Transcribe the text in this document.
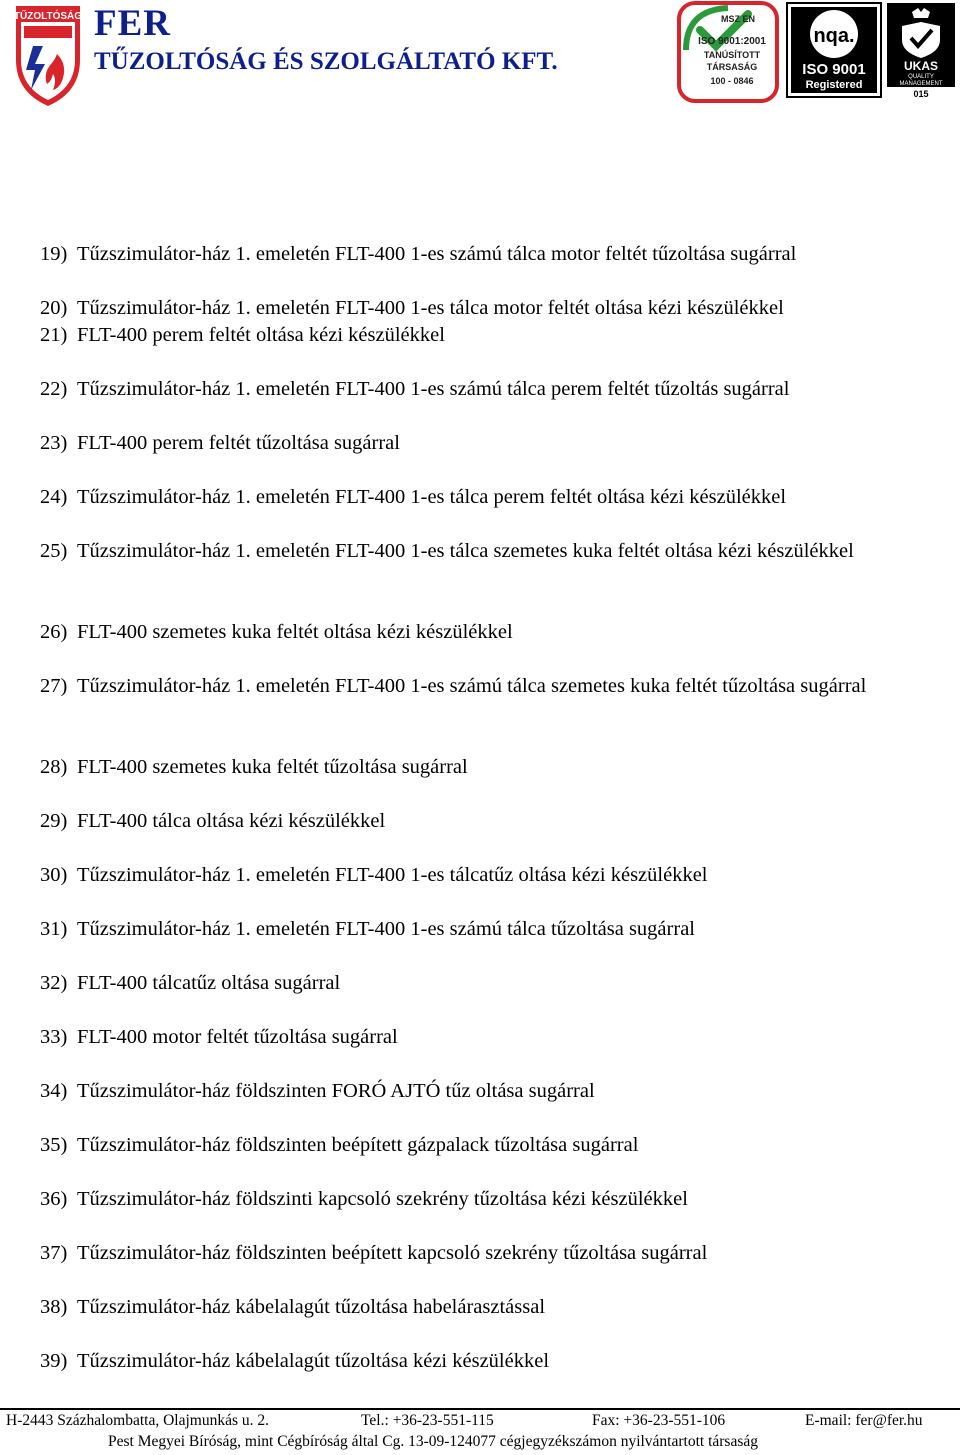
TŰZOLTÓSÁG FER
TŰZOLTÓSÁG ÉS SZOLGÁLTATÓ KFT.
MSZ EN
ISO 9001:2001
TANÚSÍTOTT
TÁRSASÁG
100 - 0846
nqa.
ISO 9001
Registered
UKAS
QUALITY
MANAGEMENT
015
19) Tűzszimulátor-ház 1. emeletén FLT-400 1-es számú tálca motor feltét tűzoltása sugárral
20) Tűzszimulátor-ház 1. emeletén FLT-400 1-es tálca motor feltét oltása kézi készülékkel
21) FLT-400 perem feltét oltása kézi készülékkel
22) Tűzszimulátor-ház 1. emeletén FLT-400 1-es számú tálca perem feltét tűzoltás sugárral
23) FLT-400 perem feltét tűzoltása sugárral
24) Tűzszimulátor-ház 1. emeletén FLT-400 1-es tálca perem feltét oltása kézi készülékkel
25) Tűzszimulátor-ház 1. emeletén FLT-400 1-es tálca szemetes kuka feltét oltása kézi készülékkel
26) FLT-400 szemetes kuka feltét oltása kézi készülékkel
27) Tűzszimulátor-ház 1. emeletén FLT-400 1-es számú tálca szemetes kuka feltét tűzoltása sugárral
28) FLT-400 szemetes kuka feltét tűzoltása sugárral
29) FLT-400 tálca oltása kézi készülékkel
30) Tűzszimulátor-ház 1. emeletén FLT-400 1-es tálcatűz oltása kézi készülékkel
31) Tűzszimulátor-ház 1. emeletén FLT-400 1-es számú tálca tűzoltása sugárral
32) FLT-400 tálcatűz oltása sugárral
33) FLT-400 motor feltét tűzoltása sugárral
34) Tűzszimulátor-ház földszinten FORÓ AJTÓ tűz oltása sugárral
35) Tűzszimulátor-ház földszinten beépített gázpalack tűzoltása sugárral
36) Tűzszimulátor-ház földszinti kapcsoló szekrény tűzoltása kézi készülékkel
37) Tűzszimulátor-ház földszinten beépített kapcsoló szekrény tűzoltása sugárral
38) Tűzszimulátor-ház kábelalagút tűzoltása habelárasztással
39) Tűzszimulátor-ház kábelalagút tűzoltása kézi készülékkel
H-2443 Százhalombatta, Olajmunkás u. 2.	Tel.: +36-23-551-115	Fax: +36-23-551-106	E-mail: fer@fer.hu
Pest Megyei Bíróság, mint Cégbíróság által Cg. 13-09-124077 cégjegyzékszámon nyilvántartott társaság
